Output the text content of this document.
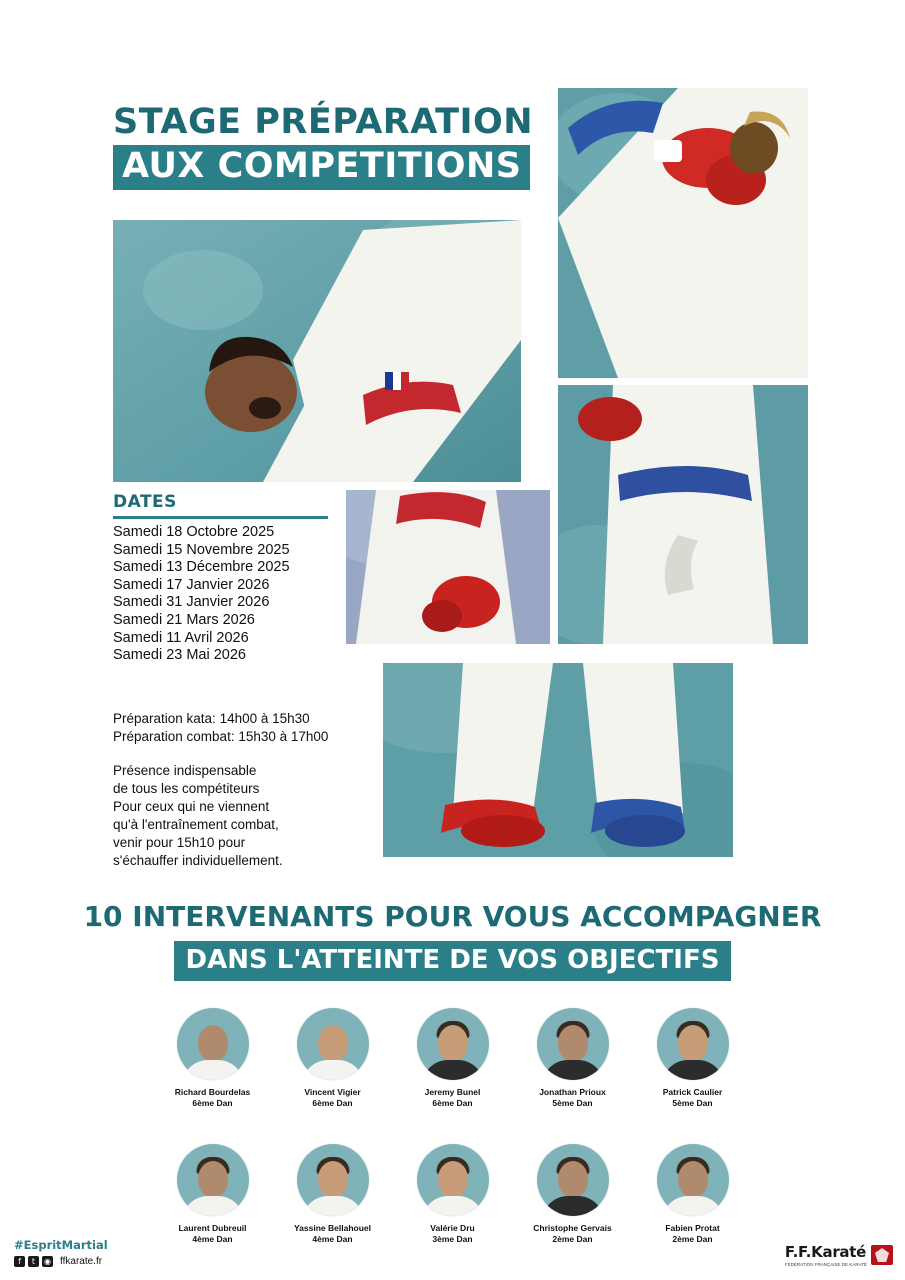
STAGE PRÉPARATION
AUX COMPETITIONS
DATES
Samedi 18 Octobre 2025
Samedi 15 Novembre 2025
Samedi 13 Décembre 2025
Samedi 17 Janvier 2026
Samedi 31 Janvier 2026
Samedi 21 Mars 2026
Samedi 11 Avril 2026
Samedi 23 Mai 2026
Préparation kata: 14h00 à 15h30
Préparation combat: 15h30 à 17h00
Présence indispensable
de tous les compétiteurs
Pour ceux qui ne viennent
qu'à l'entraînement combat,
venir pour 15h10 pour
s'échauffer individuellement.
10 INTERVENANTS POUR VOUS ACCOMPAGNER
DANS L'ATTEINTE DE VOS OBJECTIFS
Richard Bourdelas
6ème Dan
Vincent Vigier
6ème Dan
Jeremy Bunel
6ème Dan
Jonathan Prioux
5ème Dan
Patrick Caulier
5ème Dan
Laurent Dubreuil
4ème Dan
Yassine Bellahouel
4ème Dan
Valérie Dru
3ème Dan
Christophe Gervais
2ème Dan
Fabien Protat
2ème Dan
#EspritMartial
f	t	◉ ffkarate.fr
F.F.Karaté
FÉDÉRATION FRANÇAISE DE KARATÉ
